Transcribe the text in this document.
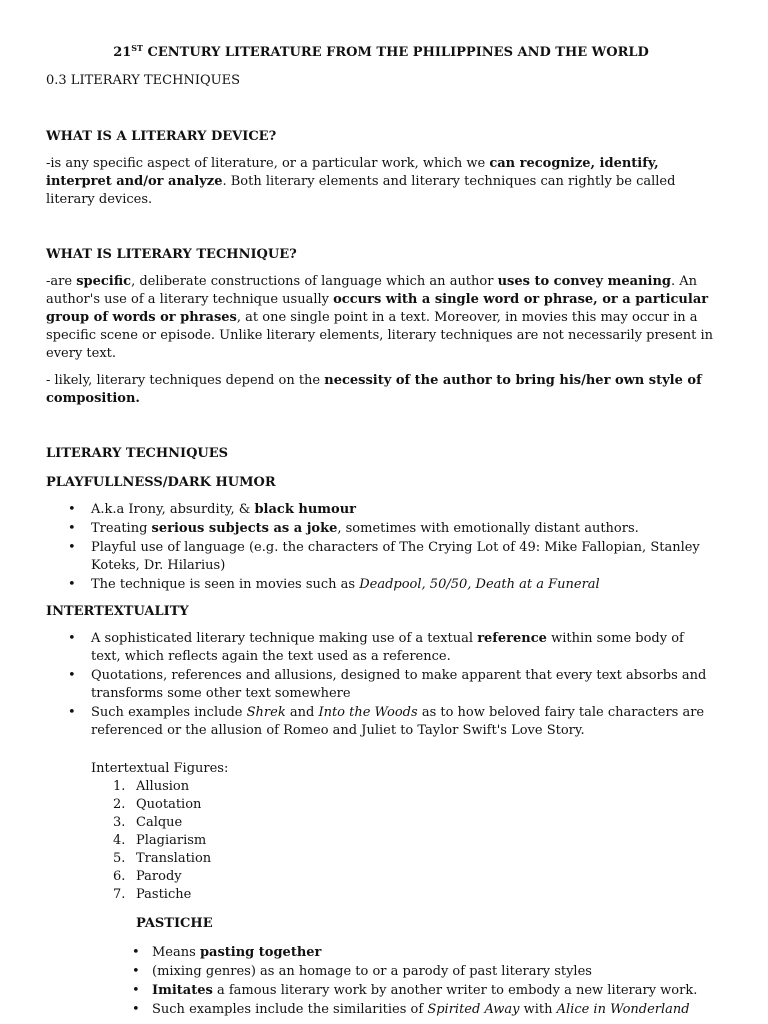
21ST CENTURY LITERATURE FROM THE PHILIPPINES AND THE WORLD

0.3 LITERARY TECHNIQUES

WHAT IS A LITERARY DEVICE?

-is any specific aspect of literature, or a particular work, which we can recognize, identify, interpret and/or analyze. Both literary elements and literary techniques can rightly be called literary devices.

WHAT IS LITERARY TECHNIQUE?

-are specific, deliberate constructions of language which an author uses to convey meaning. An author's use of a literary technique usually occurs with a single word or phrase, or a particular group of words or phrases, at one single point in a text. Moreover, in movies this may occur in a specific scene or episode. Unlike literary elements, literary techniques are not necessarily present in every text.

- likely, literary techniques depend on the necessity of the author to bring his/her own style of composition.

LITERARY TECHNIQUES

PLAYFULLNESS/DARK HUMOR

• A.k.a Irony, absurdity, & black humour
• Treating serious subjects as a joke, sometimes with emotionally distant authors.
• Playful use of language (e.g. the characters of The Crying Lot of 49: Mike Fallopian, Stanley Koteks, Dr. Hilarius)
• The technique is seen in movies such as Deadpool, 50/50, Death at a Funeral

INTERTEXTUALITY

• A sophisticated literary technique making use of a textual reference within some body of text, which reflects again the text used as a reference.
• Quotations, references and allusions, designed to make apparent that every text absorbs and transforms some other text somewhere
• Such examples include Shrek and Into the Woods as to how beloved fairy tale characters are referenced or the allusion of Romeo and Juliet to Taylor Swift's Love Story.

Intertextual Figures:

1. Allusion
2. Quotation
3. Calque
4. Plagiarism
5. Translation
6. Parody
7. Pastiche

PASTICHE

• Means pasting together
• (mixing genres) as an homage to or a parody of past literary styles
• Imitates a famous literary work by another writer to embody a new literary work.
• Such examples include the similarities of Spirited Away with Alice in Wonderland
